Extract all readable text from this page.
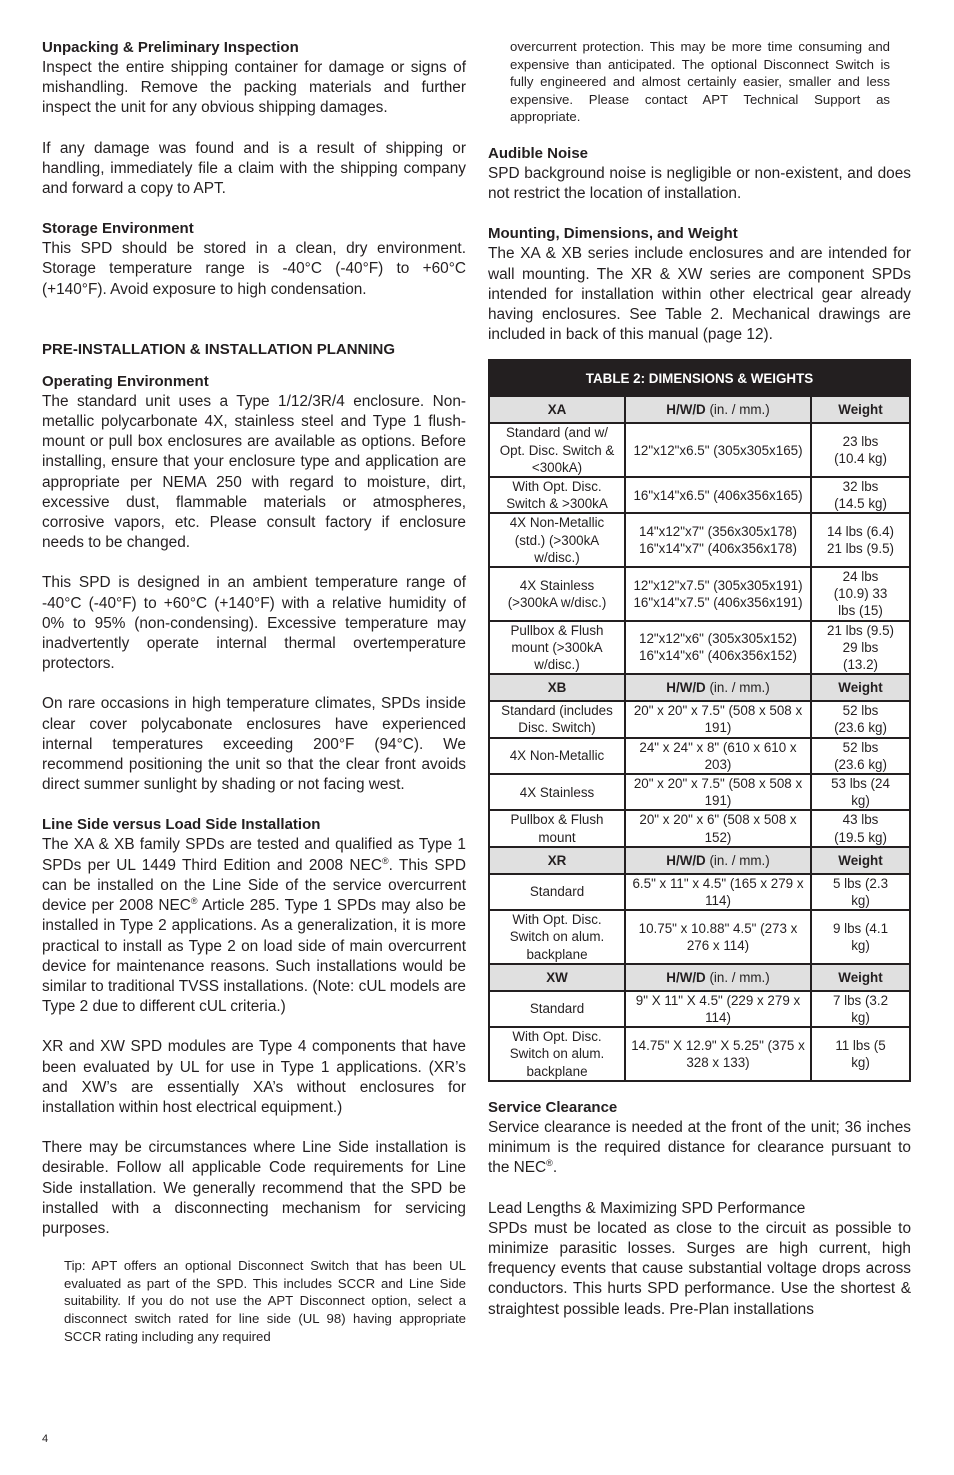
Unpacking & Preliminary Inspection

Inspect the entire shipping container for damage or signs of mishandling. Remove the packing materials and further inspect the unit for any obvious shipping damages.

If any damage was found and is a result of shipping or handling, immediately file a claim with the shipping company and forward a copy to APT.

Storage Environment

This SPD should be stored in a clean, dry environment. Storage temperature range is -40°C (-40°F) to +60°C (+140°F). Avoid exposure to high condensation.

PRE-INSTALLATION & INSTALLATION PLANNING

Operating Environment

The standard unit uses a Type 1/12/3R/4 enclosure. Non-metallic polycarbonate 4X, stainless steel and Type 1 flush-mount or pull box enclosures are available as options. Before installing, ensure that your enclosure type and application are appropriate per NEMA 250 with regard to moisture, dirt, excessive dust, flammable materials or atmospheres, corrosive vapors, etc. Please consult factory if enclosure needs to be changed.

This SPD is designed in an ambient temperature range of -40°C (-40°F) to +60°C (+140°F) with a relative humidity of 0% to 95% (non-condensing). Excessive temperature may inadvertently operate internal thermal overtemperature protectors.

On rare occasions in high temperature climates, SPDs inside clear cover polycabonate enclosures have experienced internal temperatures exceeding 200°F (94°C). We recommend positioning the unit so that the clear front avoids direct summer sunlight by shading or not facing west.

Line Side versus Load Side Installation

The XA & XB family SPDs are tested and qualified as Type 1 SPDs per UL 1449 Third Edition and 2008 NEC®. This SPD can be installed on the Line Side of the service overcurrent device per 2008 NEC® Article 285. Type 1 SPDs may also be installed in Type 2 applications. As a generalization, it is more practical to install as Type 2 on load side of main overcurrent device for maintenance reasons. Such installations would be similar to traditional TVSS installations. (Note: cUL models are Type 2 due to different cUL criteria.)

XR and XW SPD modules are Type 4 components that have been evaluated by UL for use in Type 1 applications. (XR’s and XW’s are essentially XA’s without enclosures for installation within host electrical equipment.)

There may be circumstances where Line Side installation is desirable. Follow all applicable Code requirements for Line Side installation. We generally recommend that the SPD be installed with a disconnecting mechanism for servicing purposes.

Tip: APT offers an optional Disconnect Switch that has been UL evaluated as part of the SPD. This includes SCCR and Line Side suitability. If you do not use the APT Disconnect option, select a disconnect switch rated for line side (UL 98) having appropriate SCCR rating including any required

overcurrent protection. This may be more time consuming and expensive than anticipated. The optional Disconnect Switch is fully engineered and almost certainly easier, smaller and less expensive. Please contact APT Technical Support as appropriate.

Audible Noise

SPD background noise is negligible or non-existent, and does not restrict the location of installation.

Mounting, Dimensions, and Weight

The XA & XB series include enclosures and are intended for wall mounting. The XR & XW series are component SPDs intended for installation within other electrical gear already having enclosures. See Table 2. Mechanical drawings are included in back of this manual (page 12).

TABLE 2: DIMENSIONS & WEIGHTS		
XA	H/W/D (in. / mm.)	Weight
Standard (and w/ Opt. Disc. Switch & <300kA)	12"x12"x6.5" (305x305x165)	23 lbs (10.4 kg)
With Opt. Disc. Switch & >300kA	16"x14"x6.5" (406x356x165)	32 lbs (14.5 kg)
4X Non-Metallic (std.) (>300kA w/disc.)	14"x12"x7" (356x305x178) 16"x14"x7" (406x356x178)	14 lbs (6.4) 21 lbs (9.5)
4X Stainless (>300kA w/disc.)	12"x12"x7.5" (305x305x191) 16"x14"x7.5" (406x356x191)	24 lbs (10.9) 33 lbs (15)
Pullbox & Flush mount (>300kA w/disc.)	12"x12"x6" (305x305x152) 16"x14"x6" (406x356x152)	21 lbs (9.5) 29 lbs (13.2)
XB	H/W/D (in. / mm.)	Weight
Standard (includes Disc. Switch)	20" x 20" x 7.5" (508 x 508 x 191)	52 lbs (23.6 kg)
4X Non-Metallic	24" x 24" x 8" (610 x 610 x 203)	52 lbs (23.6 kg)
4X Stainless	20" x 20" x 7.5" (508 x 508 x 191)	53 lbs (24 kg)
Pullbox & Flush mount	20" x 20" x 6" (508 x 508 x 152)	43 lbs (19.5 kg)
XR	H/W/D (in. / mm.)	Weight
Standard	6.5" x 11" x 4.5" (165 x 279 x 114)	5 lbs (2.3 kg)
With Opt. Disc. Switch on alum. backplane	10.75" x 10.88" 4.5" (273 x 276 x 114)	9 lbs (4.1 kg)
XW	H/W/D (in. / mm.)	Weight
Standard	9" X 11" X 4.5" (229 x 279 x 114)	7 lbs (3.2 kg)
With Opt. Disc. Switch on alum. backplane	14.75" X 12.9" X 5.25" (375 x 328 x 133)	11 lbs (5 kg)
Service Clearance

Service clearance is needed at the front of the unit; 36 inches minimum is the required distance for clearance pursuant to the NEC®.

Lead Lengths & Maximizing SPD Performance

SPDs must be located as close to the circuit as possible to minimize parasitic losses. Surges are high current, high frequency events that cause substantial voltage drops across conductors. This hurts SPD performance. Use the shortest & straightest possible leads. Pre-Plan installations

4
